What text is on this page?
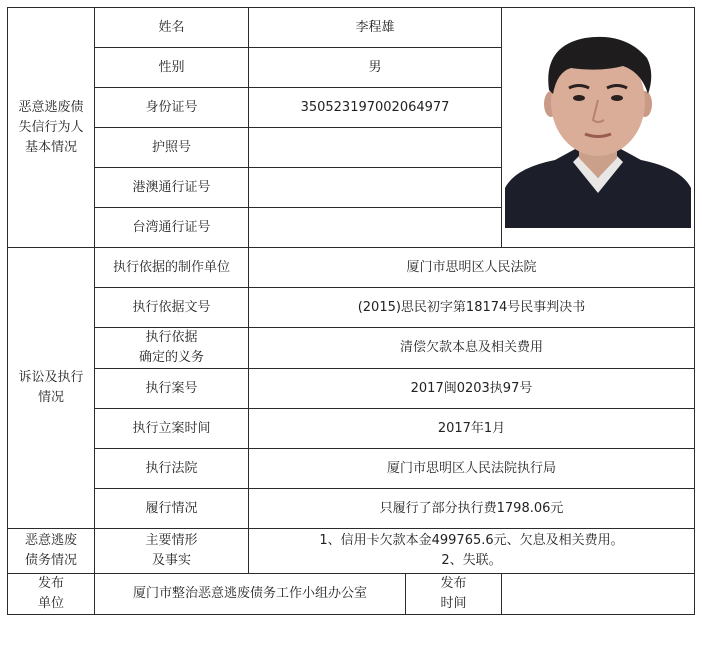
恶意逃废债
失信行为人
基本情况	姓名	李程雄	

	性别	男		
	身份证号	350523197002064977		
	护照号			
	港澳通行证号			
	台湾通行证号			
诉讼及执行
情况	执行依据的制作单位	厦门市思明区人民法院		
	执行依据文号	(2015)思民初字第18174号民事判决书		
	执行依据
确定的义务	清偿欠款本息及相关费用		
	执行案号	2017闽0203执97号		
	执行立案时间	2017年1月		
	执行法院	厦门市思明区人民法院执行局		
	履行情况	只履行了部分执行费1798.06元		
恶意逃废
债务情况	主要情形
及事实	1、信用卡欠款本金499765.6元、欠息及相关费用。
2、失联。		
发布
单位	厦门市整治恶意逃废债务工作小组办公室		发布
时间	
